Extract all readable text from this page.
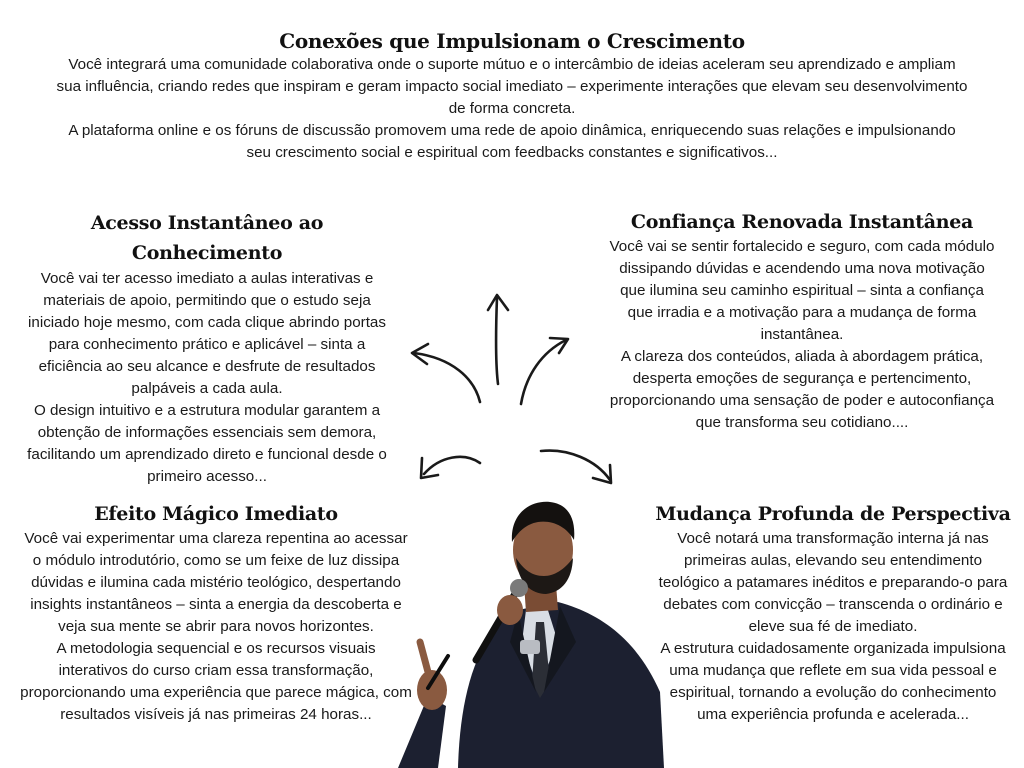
Conexões que Impulsionam o Crescimento

Você integrará uma comunidade colaborativa onde o suporte mútuo e o intercâmbio de ideias aceleram seu aprendizado e ampliam sua influência, criando redes que inspiram e geram impacto social imediato – experimente interações que elevam seu desenvolvimento de forma concreta.

A plataforma online e os fóruns de discussão promovem uma rede de apoio dinâmica, enriquecendo suas relações e impulsionando seu crescimento social e espiritual com feedbacks constantes e significativos...

Acesso Instantâneo ao Conhecimento

Você vai ter acesso imediato a aulas interativas e materiais de apoio, permitindo que o estudo seja iniciado hoje mesmo, com cada clique abrindo portas para conhecimento prático e aplicável – sinta a eficiência ao seu alcance e desfrute de resultados palpáveis a cada aula.

O design intuitivo e a estrutura modular garantem a obtenção de informações essenciais sem demora, facilitando um aprendizado direto e funcional desde o primeiro acesso...

Confiança Renovada Instantânea

Você vai se sentir fortalecido e seguro, com cada módulo dissipando dúvidas e acendendo uma nova motivação que ilumina seu caminho espiritual – sinta a confiança que irradia e a motivação para a mudança de forma instantânea.

A clareza dos conteúdos, aliada à abordagem prática, desperta emoções de segurança e pertencimento, proporcionando uma sensação de poder e autoconfiança que transforma seu cotidiano....

Efeito Mágico Imediato

Você vai experimentar uma clareza repentina ao acessar o módulo introdutório, como se um feixe de luz dissipa dúvidas e ilumina cada mistério teológico, despertando insights instantâneos – sinta a energia da descoberta e veja sua mente se abrir para novos horizontes.

A metodologia sequencial e os recursos visuais interativos do curso criam essa transformação, proporcionando uma experiência que parece mágica, com resultados visíveis já nas primeiras 24 horas...

Mudança Profunda de Perspectiva

Você notará uma transformação interna já nas primeiras aulas, elevando seu entendimento teológico a patamares inéditos e preparando-o para debates com convicção – transcenda o ordinário e eleve sua fé de imediato.

A estrutura cuidadosamente organizada impulsiona uma mudança que reflete em sua vida pessoal e espiritual, tornando a evolução do conhecimento uma experiência profunda e acelerada...
